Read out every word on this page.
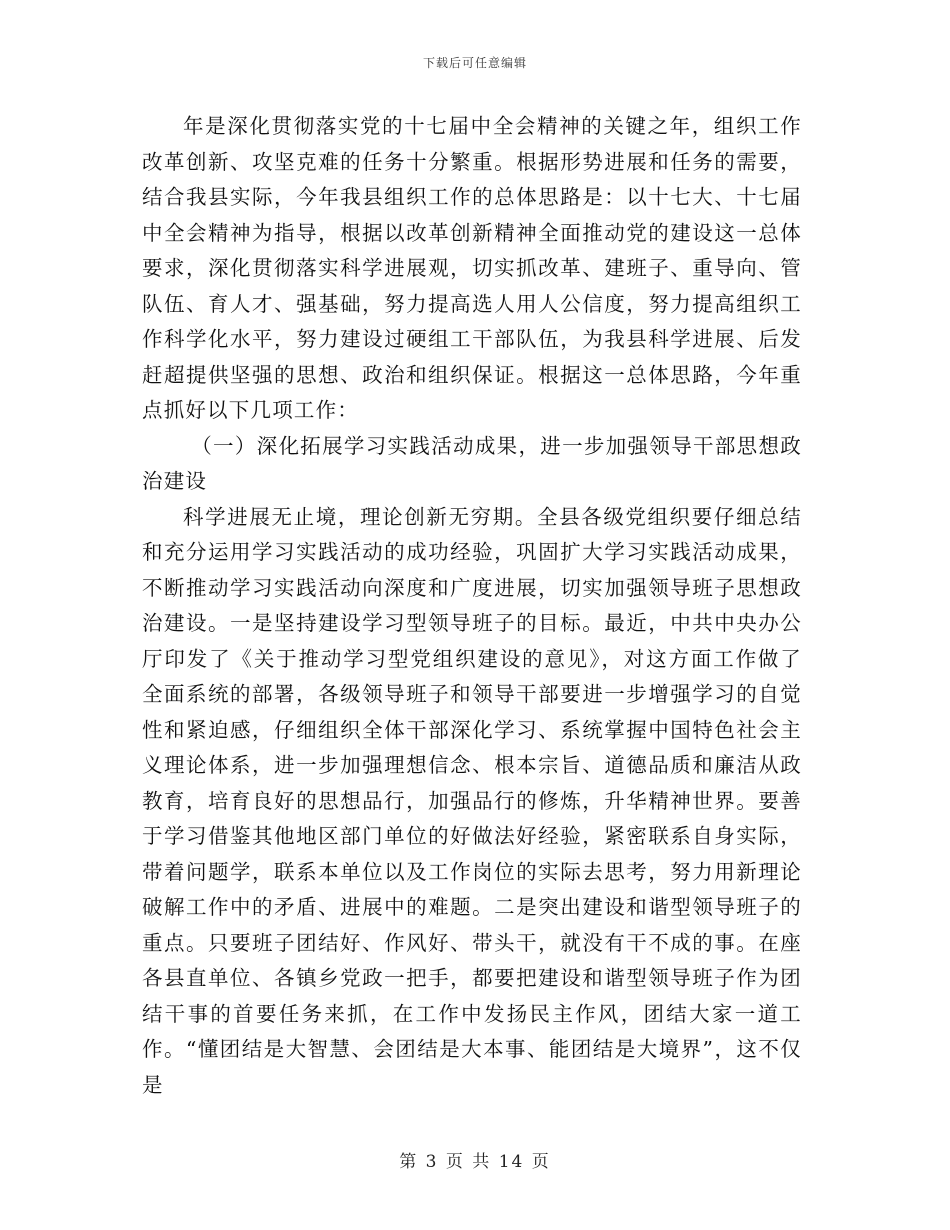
下载后可任意编辑

年是深化贯彻落实党的十七届中全会精神的关键之年，组织工作改革创新、攻坚克难的任务十分繁重。根据形势进展和任务的需要，结合我县实际，今年我县组织工作的总体思路是：以十七大、十七届中全会精神为指导，根据以改革创新精神全面推动党的建设这一总体要求，深化贯彻落实科学进展观，切实抓改革、建班子、重导向、管队伍、育人才、强基础，努力提高选人用人公信度，努力提高组织工作科学化水平，努力建设过硬组工干部队伍，为我县科学进展、后发赶超提供坚强的思想、政治和组织保证。根据这一总体思路，今年重点抓好以下几项工作：

（一）深化拓展学习实践活动成果，进一步加强领导干部思想政治建设

科学进展无止境，理论创新无穷期。全县各级党组织要仔细总结和充分运用学习实践活动的成功经验，巩固扩大学习实践活动成果，不断推动学习实践活动向深度和广度进展，切实加强领导班子思想政治建设。一是坚持建设学习型领导班子的目标。最近，中共中央办公厅印发了《关于推动学习型党组织建设的意见》，对这方面工作做了全面系统的部署，各级领导班子和领导干部要进一步增强学习的自觉性和紧迫感，仔细组织全体干部深化学习、系统掌握中国特色社会主义理论体系，进一步加强理想信念、根本宗旨、道德品质和廉洁从政教育，培育良好的思想品行，加强品行的修炼，升华精神世界。要善于学习借鉴其他地区部门单位的好做法好经验，紧密联系自身实际，带着问题学，联系本单位以及工作岗位的实际去思考，努力用新理论破解工作中的矛盾、进展中的难题。二是突出建设和谐型领导班子的重点。只要班子团结好、作风好、带头干，就没有干不成的事。在座各县直单位、各镇乡党政一把手，都要把建设和谐型领导班子作为团结干事的首要任务来抓，在工作中发扬民主作风，团结大家一道工作。“懂团结是大智慧、会团结是大本事、能团结是大境界”，这不仅是

第 3 页 共 14 页
